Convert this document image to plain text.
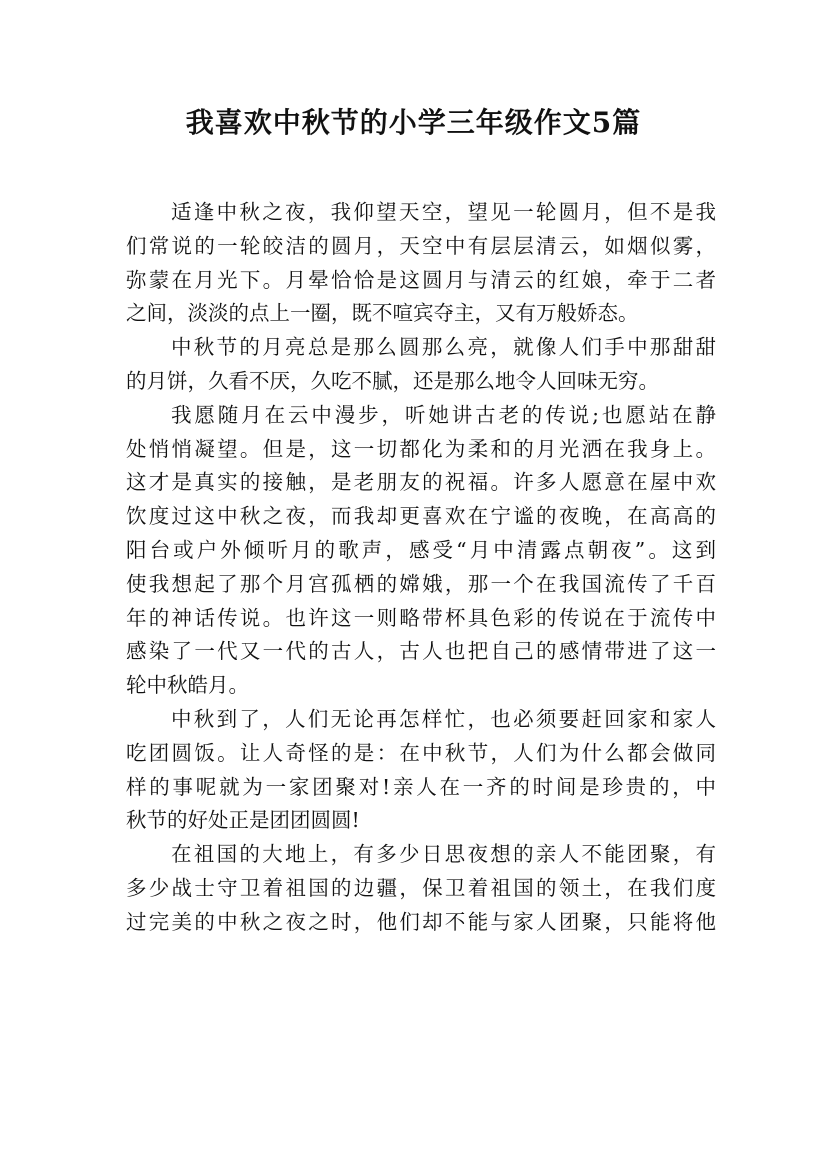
我喜欢中秋节的小学三年级作文5篇
适逢中秋之夜，我仰望天空，望见一轮圆月，但不是我
们常说的一轮皎洁的圆月，天空中有层层清云，如烟似雾，
弥蒙在月光下。月晕恰恰是这圆月与清云的红娘，牵于二者
之间，淡淡的点上一圈，既不喧宾夺主，又有万般娇态。
中秋节的月亮总是那么圆那么亮，就像人们手中那甜甜
的月饼，久看不厌，久吃不腻，还是那么地令人回味无穷。
我愿随月在云中漫步，听她讲古老的传说;也愿站在静
处悄悄凝望。但是，这一切都化为柔和的月光洒在我身上。
这才是真实的接触，是老朋友的祝福。许多人愿意在屋中欢
饮度过这中秋之夜，而我却更喜欢在宁谧的夜晚，在高高的
阳台或户外倾听月的歌声，感受“月中清露点朝夜”。这到
使我想起了那个月宫孤栖的嫦娥，那一个在我国流传了千百
年的神话传说。也许这一则略带杯具色彩的传说在于流传中
感染了一代又一代的古人，古人也把自己的感情带进了这一
轮中秋皓月。
中秋到了，人们无论再怎样忙，也必须要赶回家和家人
吃团圆饭。让人奇怪的是：在中秋节，人们为什么都会做同
样的事呢就为一家团聚对!亲人在一齐的时间是珍贵的，中
秋节的好处正是团团圆圆!
在祖国的大地上，有多少日思夜想的亲人不能团聚，有
多少战士守卫着祖国的边疆，保卫着祖国的领土，在我们度
过完美的中秋之夜之时，他们却不能与家人团聚，只能将他
